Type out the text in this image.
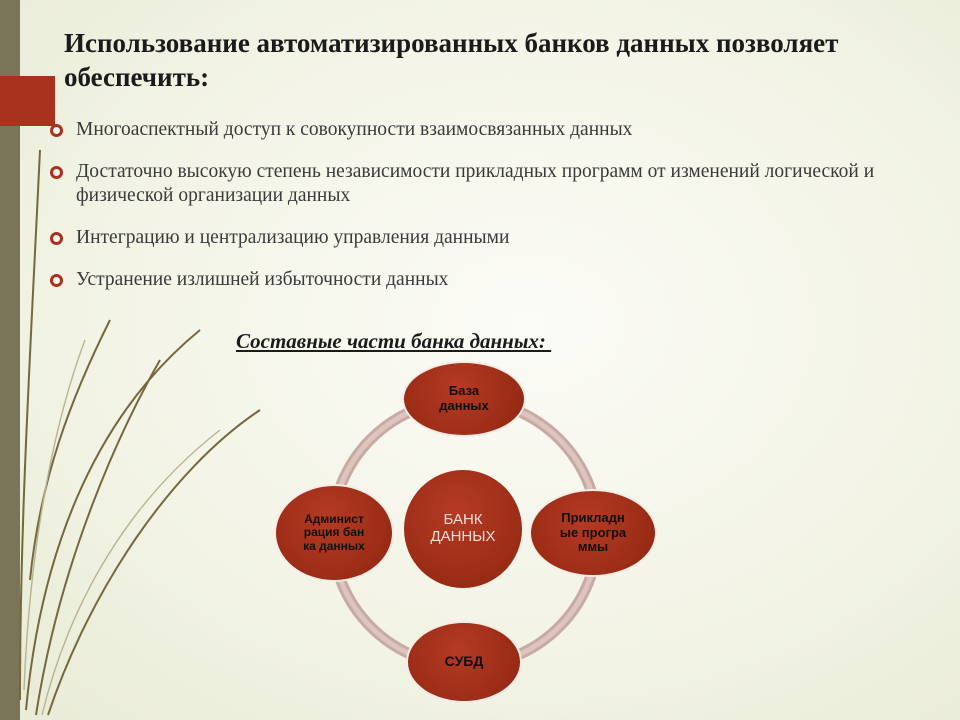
Использование автоматизированных банков данных позволяет обеспечить:
Многоаспектный доступ к совокупности взаимосвязанных данных
Достаточно высокую степень независимости прикладных программ от изменений логической и физической организации данных
Интеграцию и централизацию управления данными
Устранение излишней избыточности данных
Составные части банка данных:
БАНК ДАННЫХ
База данных
Прикладные программы
СУБД
Администрация банка данных
